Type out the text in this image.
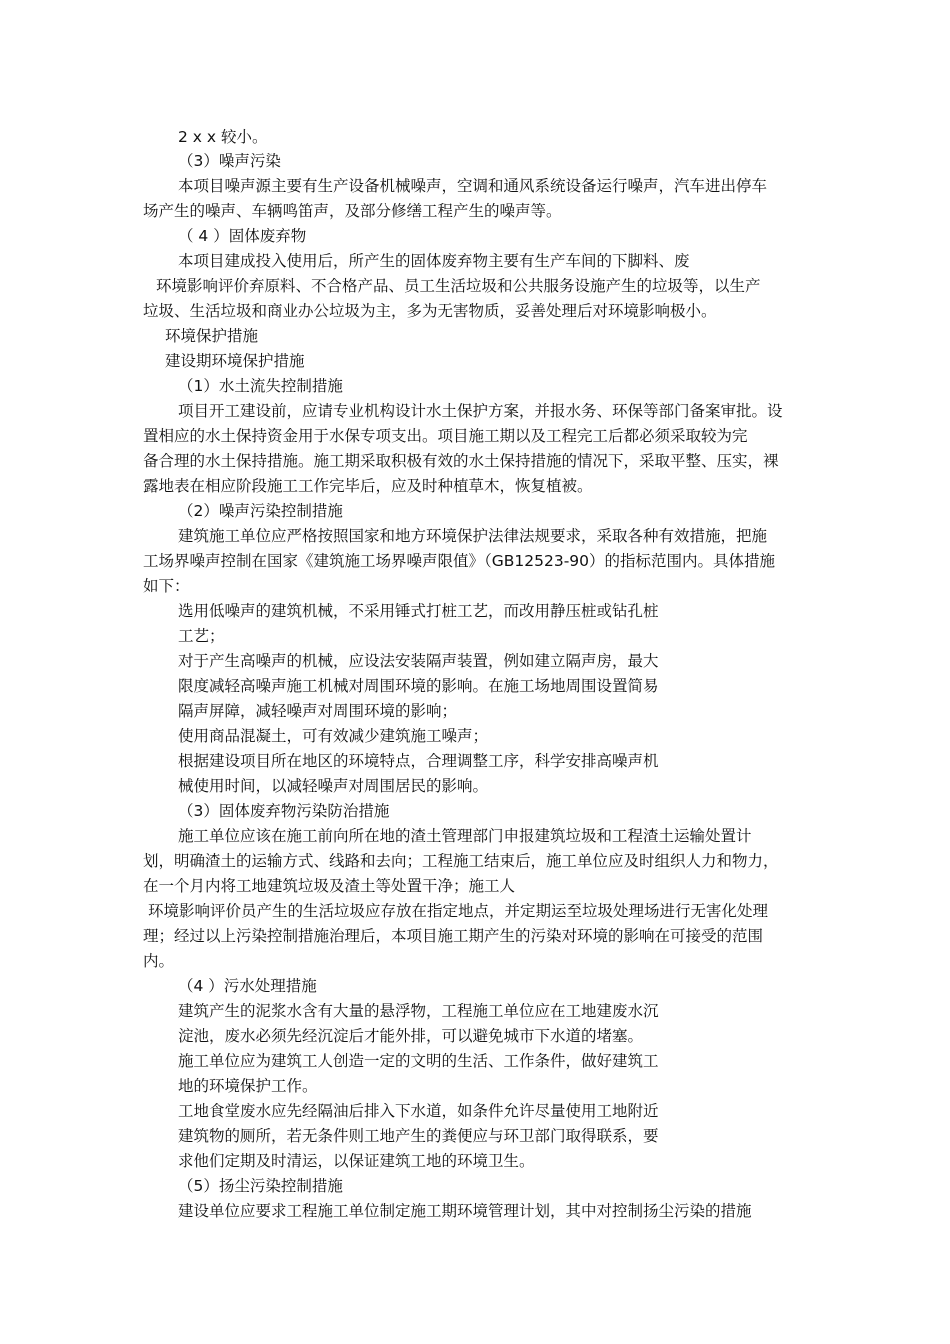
2 x x 较小。
（3）噪声污染
本项目噪声源主要有生产设备机械噪声，空调和通风系统设备运行噪声，汽车进出停车
场产生的噪声、车辆鸣笛声，及部分修缮工程产生的噪声等。
（ 4 ）固体废弃物
本项目建成投入使用后，所产生的固体废弃物主要有生产车间的下脚料、废
环境影响评价弃原料、不合格产品、员工生活垃圾和公共服务设施产生的垃圾等，以生产
垃圾、生活垃圾和商业办公垃圾为主，多为无害物质，妥善处理后对环境影响极小。
环境保护措施
建设期环境保护措施
（1）水土流失控制措施
项目开工建设前，应请专业机构设计水土保护方案，并报水务、环保等部门备案审批。设
置相应的水土保持资金用于水保专项支出。项目施工期以及工程完工后都必须采取较为完
备合理的水土保持措施。施工期采取积极有效的水土保持措施的情况下，采取平整、压实，裸
露地表在相应阶段施工工作完毕后，应及时种植草木，恢复植被。
（2）噪声污染控制措施
建筑施工单位应严格按照国家和地方环境保护法律法规要求，采取各种有效措施，把施
工场界噪声控制在国家《建筑施工场界噪声限值》（GB12523-90）的指标范围内。具体措施
如下：
选用低噪声的建筑机械，不采用锤式打桩工艺，而改用静压桩或钻孔桩
工艺；
对于产生高噪声的机械，应设法安装隔声装置，例如建立隔声房，最大
限度减轻高噪声施工机械对周围环境的影响。在施工场地周围设置简易
隔声屏障，减轻噪声对周围环境的影响；
使用商品混凝土，可有效减少建筑施工噪声；
根据建设项目所在地区的环境特点，合理调整工序，科学安排高噪声机
械使用时间，以减轻噪声对周围居民的影响。
（3）固体废弃物污染防治措施
施工单位应该在施工前向所在地的渣土管理部门申报建筑垃圾和工程渣土运输处置计
划，明确渣土的运输方式、线路和去向；工程施工结束后，施工单位应及时组织人力和物力，
在一个月内将工地建筑垃圾及渣土等处置干净；施工人
环境影响评价员产生的生活垃圾应存放在指定地点，并定期运至垃圾处理场进行无害化处理
理；经过以上污染控制措施治理后，本项目施工期产生的污染对环境的影响在可接受的范围
内。
（4 ）污水处理措施
建筑产生的泥浆水含有大量的悬浮物，工程施工单位应在工地建废水沉
淀池，废水必须先经沉淀后才能外排，可以避免城市下水道的堵塞。
施工单位应为建筑工人创造一定的文明的生活、工作条件，做好建筑工
地的环境保护工作。
工地食堂废水应先经隔油后排入下水道，如条件允许尽量使用工地附近
建筑物的厕所，若无条件则工地产生的粪便应与环卫部门取得联系，要
求他们定期及时清运，以保证建筑工地的环境卫生。
（5）扬尘污染控制措施
建设单位应要求工程施工单位制定施工期环境管理计划，其中对控制扬尘污染的措施
